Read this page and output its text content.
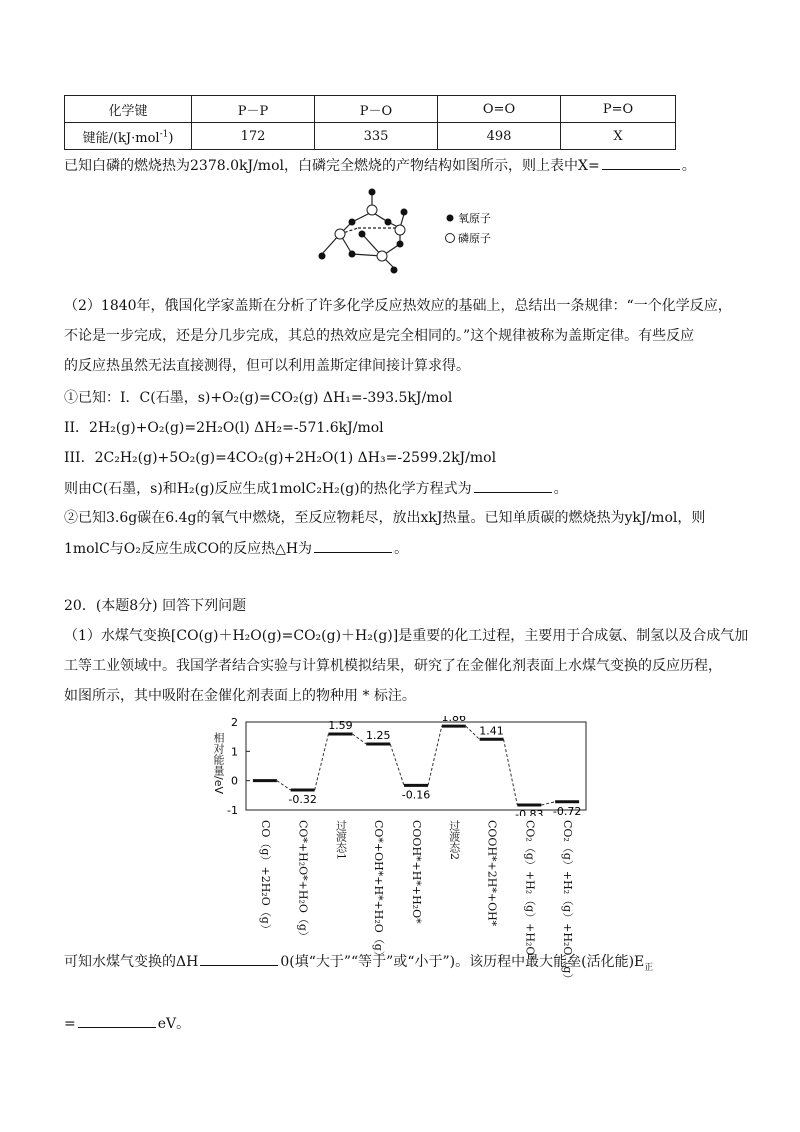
化学键	P－P	P－O	O=O	P=O
键能/(kJ·mol$^{-1}$)	172	335	498	X
已知白磷的燃烧热为2378.0kJ/mol，白磷完全燃烧的产物结构如图所示，则上表中X=	。
氧原子
磷原子
（2）1840年，俄国化学家盖斯在分析了许多化学反应热效应的基础上，总结出一条规律：“一个化学反应，
不论是一步完成，还是分几步完成，其总的热效应是完全相同的。”这个规律被称为盖斯定律。有些反应
的反应热虽然无法直接测得，但可以利用盖斯定律间接计算求得。
①已知：I．C(石墨，s)+O₂(g)=CO₂(g) ΔH₁=-393.5kJ/mol
II．2H₂(g)+O₂(g)=2H₂O(l) ΔH₂=-571.6kJ/mol
III．2C₂H₂(g)+5O₂(g)=4CO₂(g)+2H₂O(1) ΔH₃=-2599.2kJ/mol
则由C(石墨，s)和H₂(g)反应生成1molC₂H₂(g)的热化学方程式为	。
②已知3.6g碳在6.4g的氧气中燃烧，至反应物耗尽，放出xkJ热量。已知单质碳的燃烧热为ykJ/mol，则
1molC与O₂反应生成CO的反应热△H为	。
20．(本题8分) 回答下列问题
（1）水煤气变换[CO(g)＋H₂O(g)=CO₂(g)＋H₂(g)]是重要的化工过程，主要用于合成氨、制氢以及合成气加
工等工业领域中。我国学者结合实验与计算机模拟结果，研究了在金催化剂表面上水煤气变换的反应历程，
如图所示，其中吸附在金催化剂表面上的物种用 * 标注。
2
1
0
-1
-0.32
1.59
1.25
-0.16
1.86
1.41
-0.83 -0.72
CO（g）+2H₂O（g） CO*+H₂O*+H₂O（g） 过渡态1 CO*+OH*+H*+H₂O（g） COOH*+H*+H₂O* 过渡态2 COOH*+2H*+OH* CO₂（g）+H₂（g）+H₂O* CO₂（g）+H₂（g）+H₂O（g）
相对能量/eV
可知水煤气变换的ΔH	0(填“大于”“等于”或“小于”)。该历程中最大能垒(活化能)$E_正$
=	eV。
